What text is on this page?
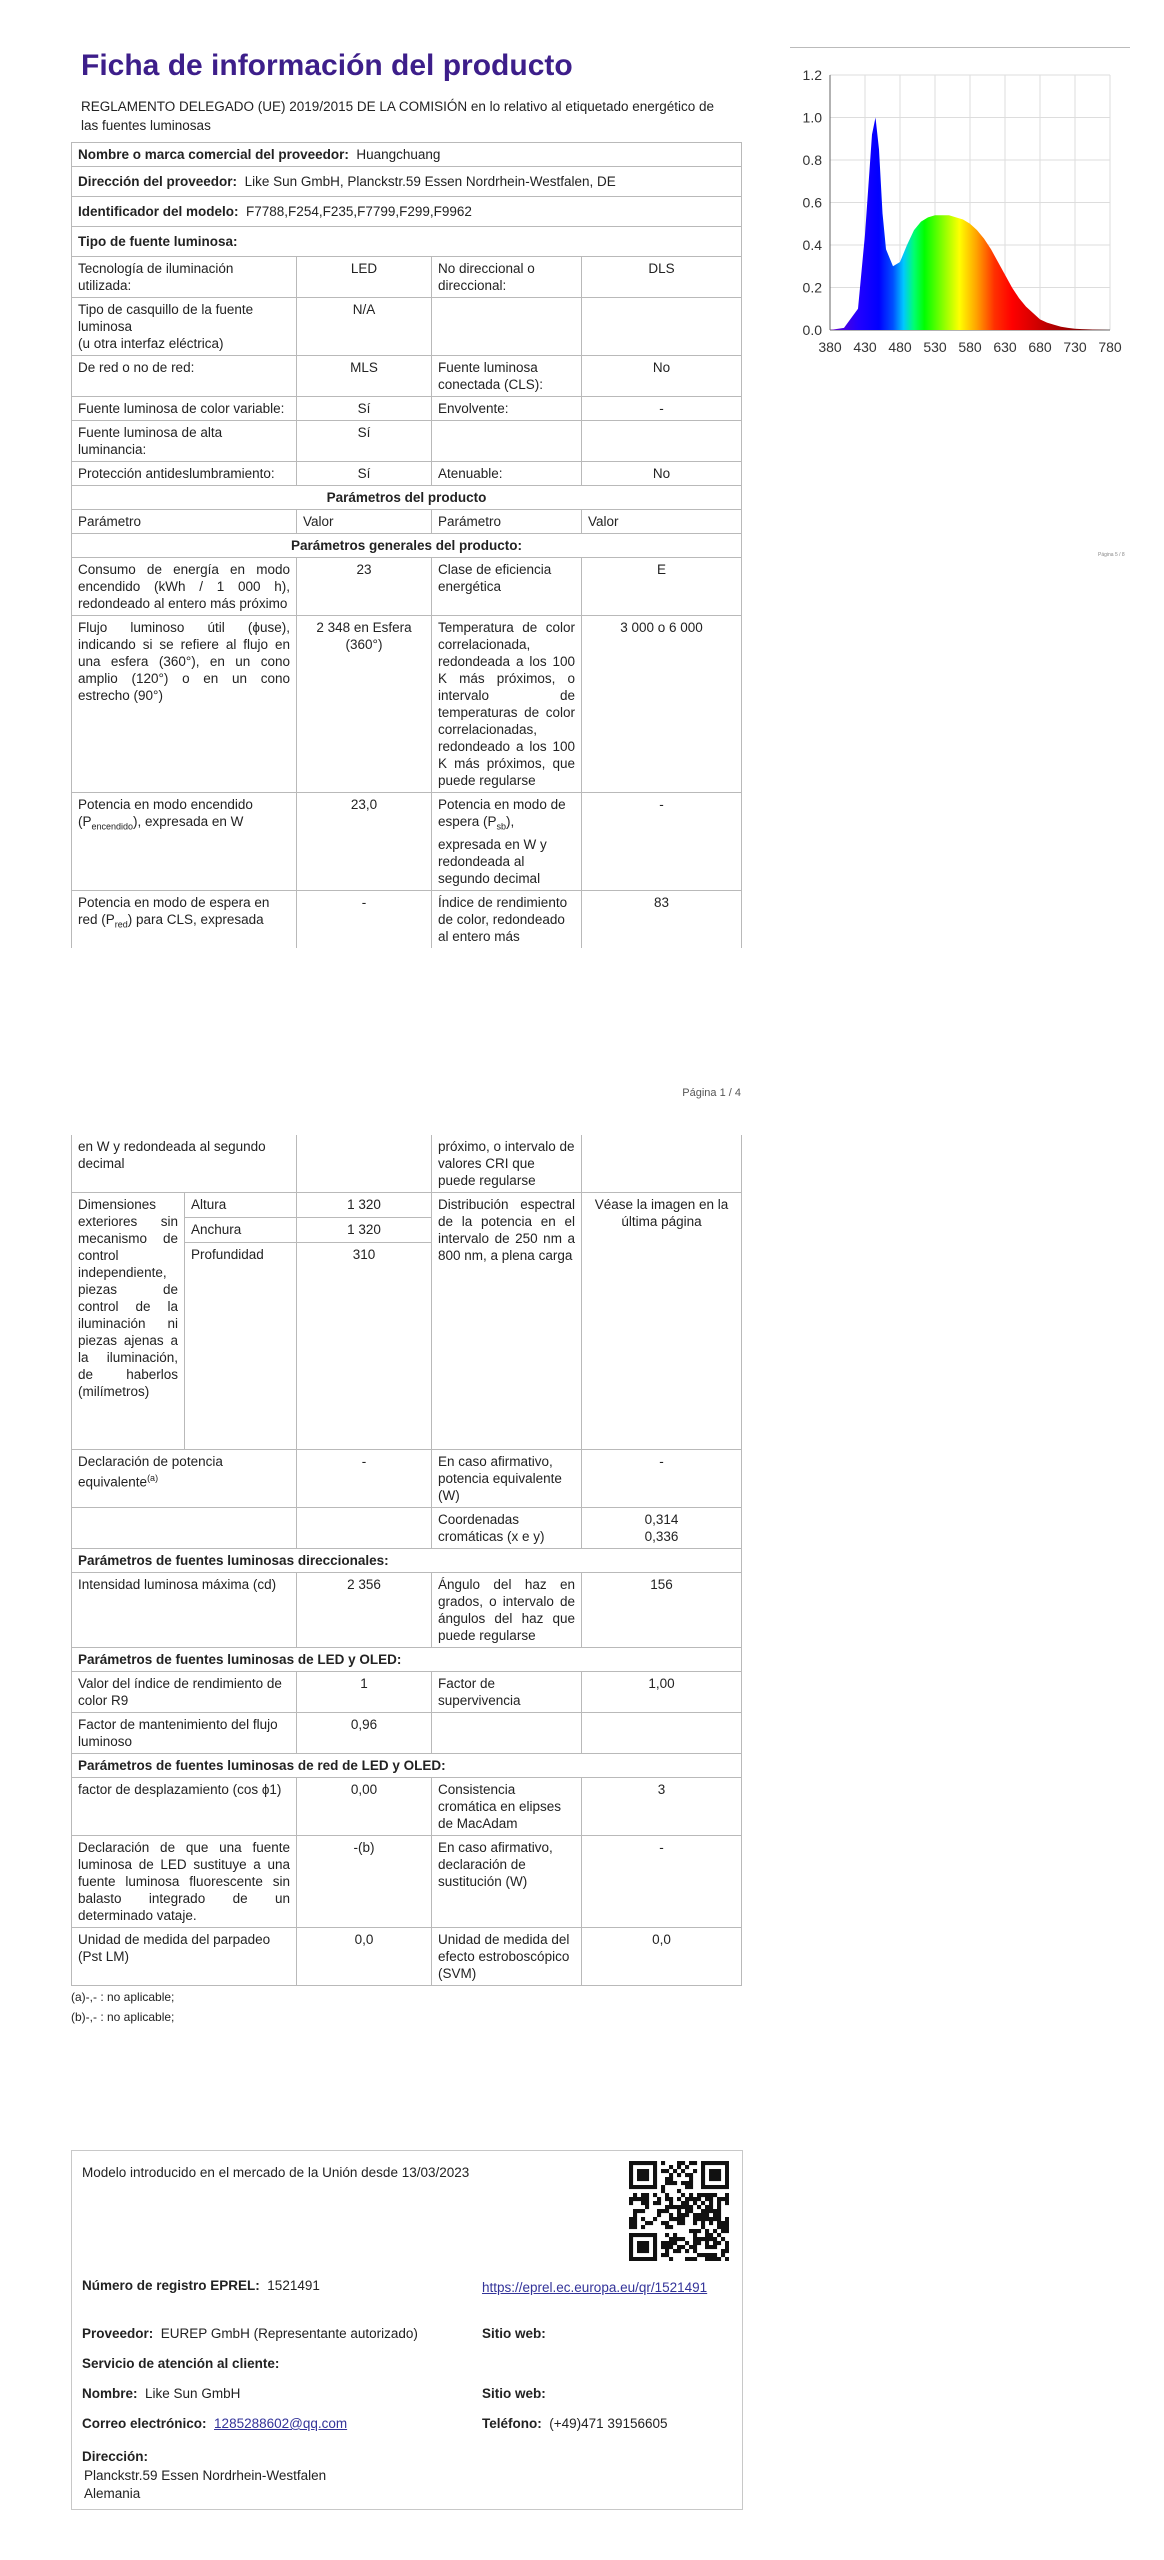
Ficha de información del producto
REGLAMENTO DELEGADO (UE) 2019/2015 DE LA COMISIÓN en lo relativo al etiquetado energético de las fuentes luminosas
Nombre o marca comercial del proveedor: Huangchuang			
Dirección del proveedor: Like Sun GmbH, Planckstr.59 Essen Nordrhein-Westfalen, DE			
Identificador del modelo: F7788,F254,F235,F7799,F299,F9962			
Tipo de fuente luminosa:			
Tecnología de iluminación utilizada:	LED	No direccional o direccional:	DLS
Tipo de casquillo de la fuente luminosa
(u otra interfaz eléctrica)	N/A		
De red o no de red:	MLS	Fuente luminosa conectada (CLS):	No
Fuente luminosa de color variable:	Sí	Envolvente:	-
Fuente luminosa de alta luminancia:	Sí		
Protección antideslumbramiento:	Sí	Atenuable:	No
Parámetros del producto			
Parámetro	Valor	Parámetro	Valor
Parámetros generales del producto:			
Consumo de energía en modo encendido (kWh / 1 000 h), redondeado al entero más próximo	23	Clase de eficiencia energética	E
Flujo luminoso útil (ϕuse), indicando si se refiere al flujo en una esfera (360°), en un cono amplio (120°) o en un cono estrecho (90°)	2 348 en Esfera (360°)	Temperatura de color correlacionada, redondeada a los 100 K más próximos, o intervalo de temperaturas de color correlacionadas, redondeado a los 100 K más próximos, que puede regularse	3 000 o 6 000
Potencia en modo encendido $(P_{encendido})$, expresada en W	23,0	Potencia en modo de espera $(P_{sb})$, expresada en W y redondeada al segundo decimal	-
Potencia en modo de espera en red $(P_{red})$ para CLS, expresada	-	Índice de rendimiento de color, redondeado al entero más	83
Página 1 / 4
en W y redondeada al segundo decimal			próximo, o intervalo de valores CRI que puede regularse	
Dimensiones exteriores sin mecanismo de control independiente, piezas de control de la iluminación ni piezas ajenas a la iluminación, de haberlos (milímetros)	Altura	1 320	Distribución espectral de la potencia en el intervalo de 250 nm a 800 nm, a plena carga	Véase la imagen en la última página
	Anchura	1 320		
	Profundidad	310		
Declaración de potencia equivalente$^{(a)}$		-	En caso afirmativo, potencia equivalente (W)	-
			Coordenadas cromáticas (x e y)	0,314
0,336

Parámetros de fuentes luminosas direccionales:				
Intensidad luminosa máxima (cd)		2 356	Ángulo del haz en grados, o intervalo de ángulos del haz que puede regularse	156
Parámetros de fuentes luminosas de LED y OLED:				
Valor del índice de rendimiento de color R9		1	Factor de supervivencia	1,00
Factor de mantenimiento del flujo luminoso		0,96		
Parámetros de fuentes luminosas de red de LED y OLED:				
factor de desplazamiento (cos ϕ1)		0,00	Consistencia cromática en elipses de MacAdam	3
Declaración de que una fuente luminosa de LED sustituye a una fuente luminosa fluorescente sin balasto integrado de un determinado vataje.		-(b)	En caso afirmativo, declaración de sustitución (W)	-
Unidad de medida del parpadeo (Pst LM)		0,0	Unidad de medida del efecto estroboscópico (SVM)	0,0
(a)-,- : no aplicable;
(b)-,- : no aplicable;
Modelo introducido en el mercado de la Unión desde 13/03/2023
Número de registro EPREL: 1521491	https://eprel.ec.europa.eu/qr/1521491
Proveedor: EUREP GmbH (Representante autorizado)	Sitio web:
Servicio de atención al cliente:
Nombre: Like Sun GmbH	Sitio web:
Correo electrónico: 1285288602@qq.com	Teléfono: (+49)471 39156605
Dirección:
Planckstr.59 Essen Nordrhein-Westfalen
Alemania
0.0
0.2
0.4
0.6
0.8
1.0
1.2
380 430 480 530 580 630 680 730 780
Página 5 / 8
